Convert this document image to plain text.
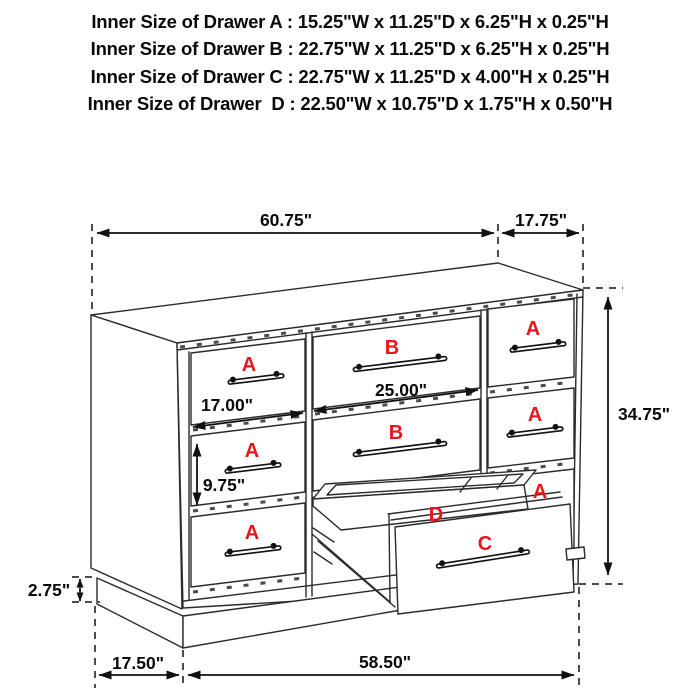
Inner Size of Drawer A : 15.25"W x 11.25"D x 6.25"H x 0.25"H
Inner Size of Drawer B : 22.75"W x 11.25"D x 6.25"H x 0.25"H
Inner Size of Drawer C : 22.75"W x 11.25"D x 4.00"H x 0.25"H
Inner Size of Drawer  D : 22.50"W x 10.75"D x 1.75"H x 0.50"H
A
A
A
B
B
A
A
A
D
C
60.75"	17.75"
34.75"
25.00"
17.00"
9.75"
2.75"
17.50"	58.50"
